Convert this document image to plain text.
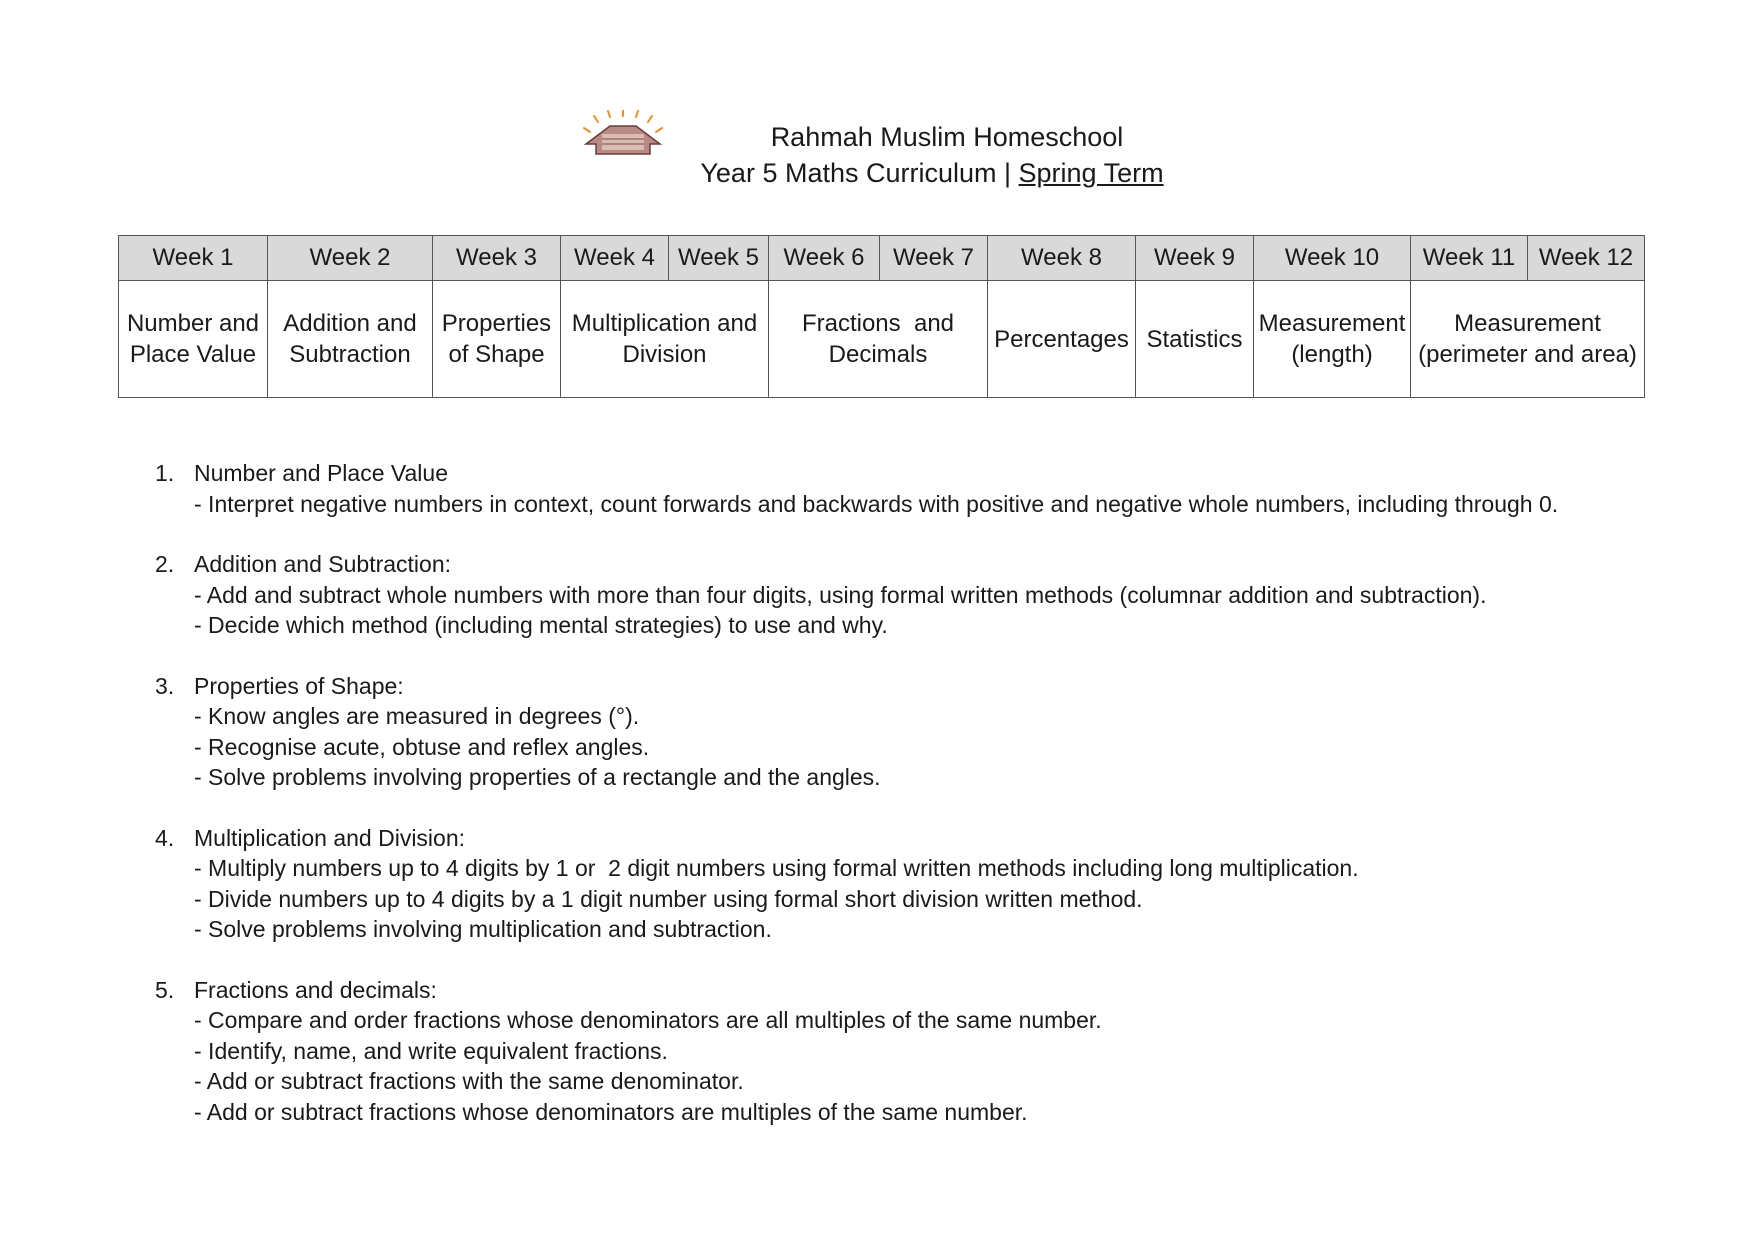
Rahmah Muslim Homeschool
Year 5 Maths Curriculum | Spring Term
Week 1	Week 2	Week 3	Week 4	Week 5	Week 6	Week 7	Week 8	Week 9	Week 10	Week 11	Week 12
Number and
Place Value	Addition and
Subtraction	Properties
of Shape	Multiplication and
Division		Fractions  and
Decimals		Percentages	Statistics	Measurement
(length)	Measurement
(perimeter and area)	
1. Number and Place Value
- Interpret negative numbers in context, count forwards and backwards with positive and negative whole numbers, including through 0.
2. Addition and Subtraction:
- Add and subtract whole numbers with more than four digits, using formal written methods (columnar addition and subtraction).
- Decide which method (including mental strategies) to use and why.
3. Properties of Shape:
- Know angles are measured in degrees (°).
- Recognise acute, obtuse and reflex angles.
- Solve problems involving properties of a rectangle and the angles.
4. Multiplication and Division:
- Multiply numbers up to 4 digits by 1 or  2 digit numbers using formal written methods including long multiplication.
- Divide numbers up to 4 digits by a 1 digit number using formal short division written method.
- Solve problems involving multiplication and subtraction.
5. Fractions and decimals:
- Compare and order fractions whose denominators are all multiples of the same number.
- Identify, name, and write equivalent fractions.
- Add or subtract fractions with the same denominator.
- Add or subtract fractions whose denominators are multiples of the same number.
